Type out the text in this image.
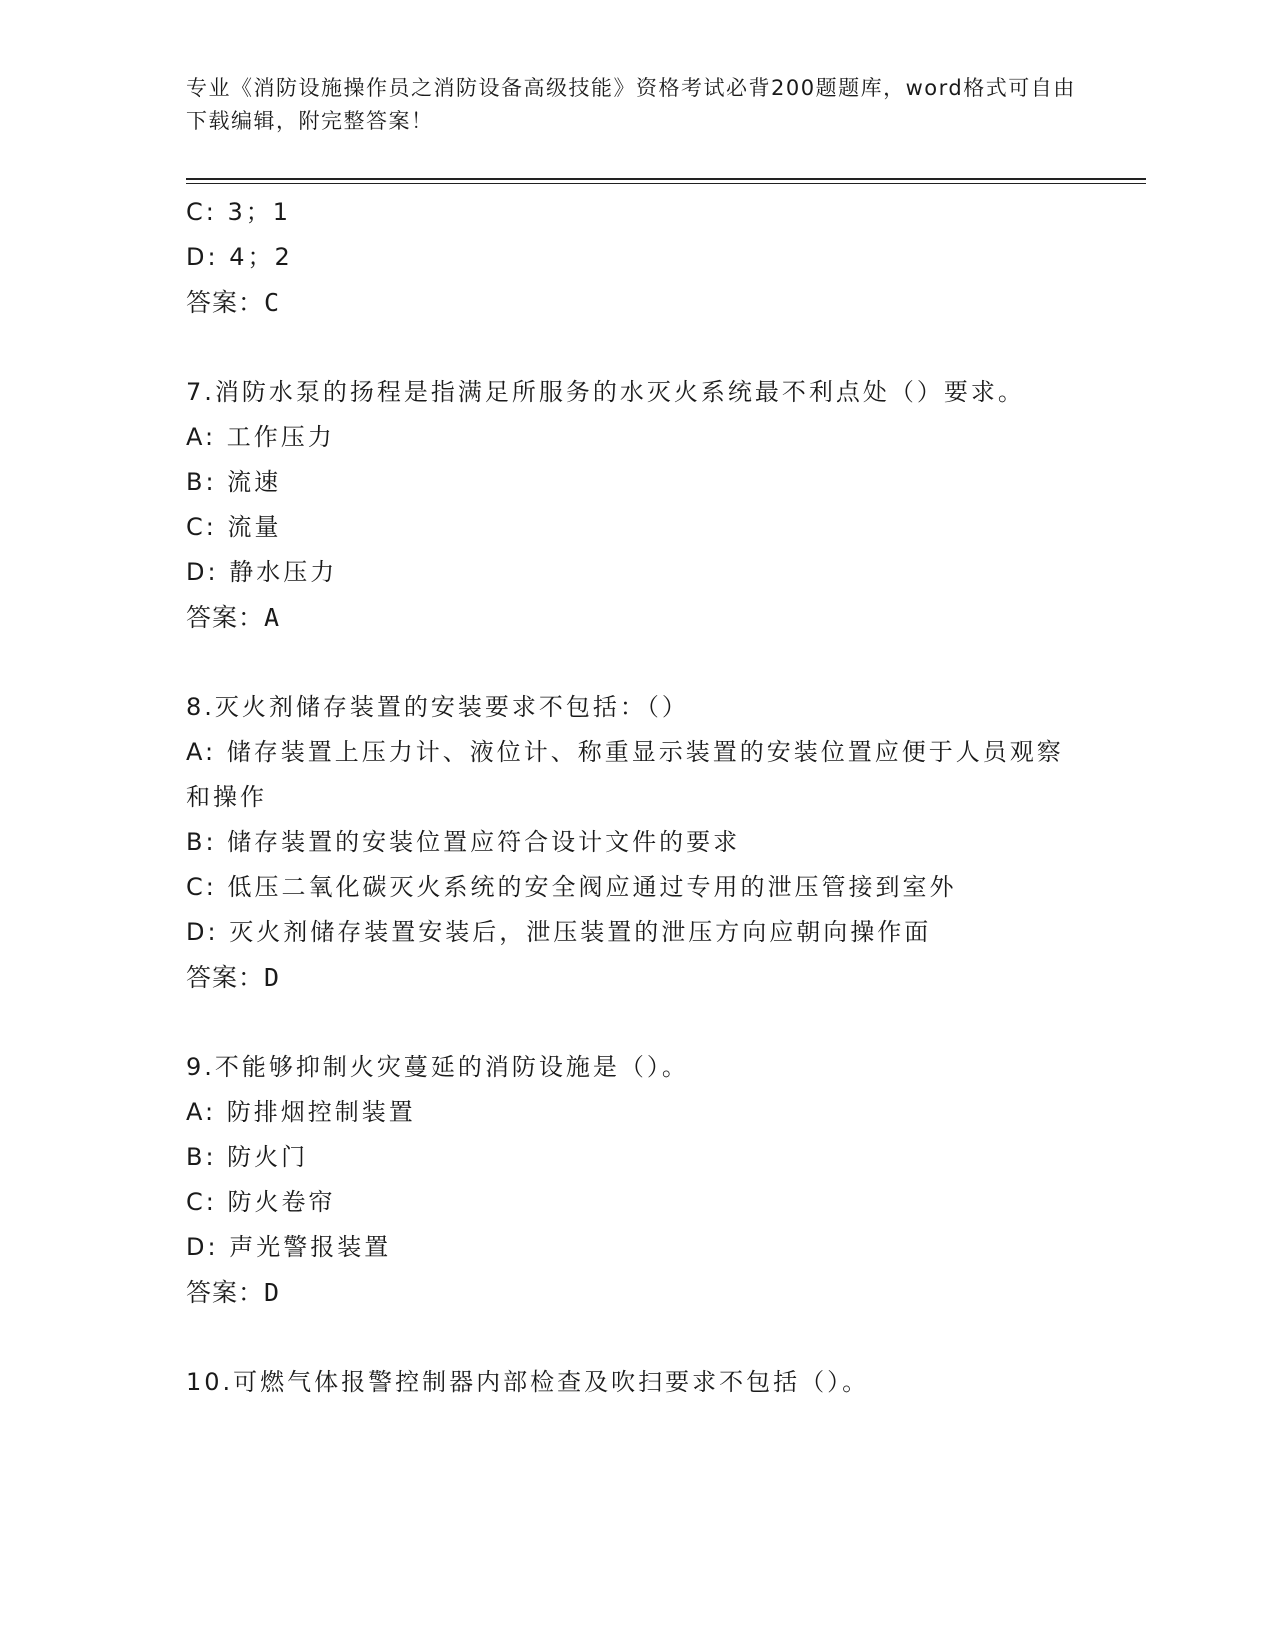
专业《消防设施操作员之消防设备高级技能》资格考试必背200题题库，word格式可自由下载编辑，附完整答案！

C: 3；1

D: 4；2

答案：C

7.消防水泵的扬程是指满足所服务的水灭火系统最不利点处（）要求。

A: 工作压力

B: 流速

C: 流量

D: 静水压力

答案：A

8.灭火剂储存装置的安装要求不包括：（）

A: 储存装置上压力计、液位计、称重显示装置的安装位置应便于人员观察和操作

B: 储存装置的安装位置应符合设计文件的要求

C: 低压二氧化碳灭火系统的安全阀应通过专用的泄压管接到室外

D: 灭火剂储存装置安装后，泄压装置的泄压方向应朝向操作面

答案：D

9.不能够抑制火灾蔓延的消防设施是（）。

A: 防排烟控制装置

B: 防火门

C: 防火卷帘

D: 声光警报装置

答案：D

10.可燃气体报警控制器内部检查及吹扫要求不包括（）。
